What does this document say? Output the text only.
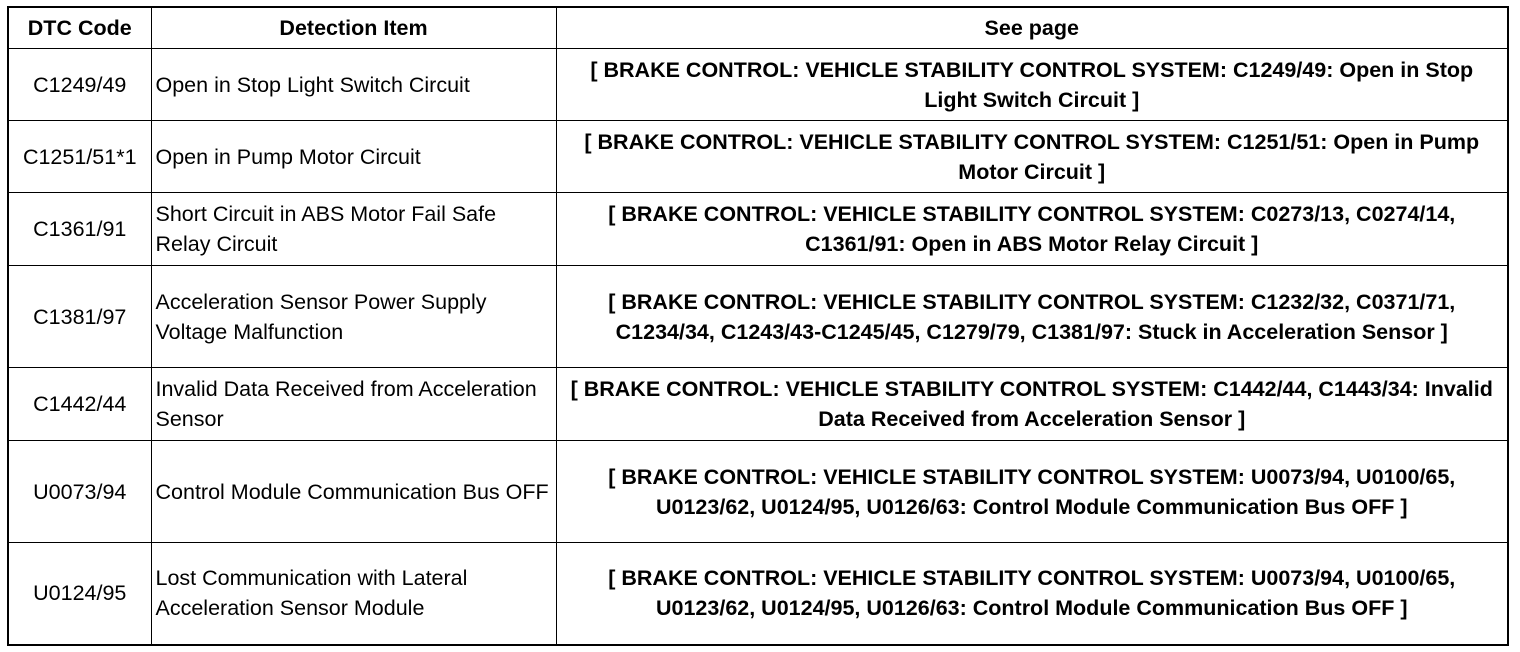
DTC Code	Detection Item	See page
C1249/49	Open in Stop Light Switch Circuit	[ BRAKE CONTROL: VEHICLE STABILITY CONTROL SYSTEM: C1249/49: Open in Stop Light Switch Circuit ]
C1251/51*1	Open in Pump Motor Circuit	[ BRAKE CONTROL: VEHICLE STABILITY CONTROL SYSTEM: C1251/51: Open in Pump Motor Circuit ]
C1361/91	Short Circuit in ABS Motor Fail Safe Relay Circuit	[ BRAKE CONTROL: VEHICLE STABILITY CONTROL SYSTEM: C0273/13, C0274/14, C1361/91: Open in ABS Motor Relay Circuit ]
C1381/97	Acceleration Sensor Power Supply Voltage Malfunction	[ BRAKE CONTROL: VEHICLE STABILITY CONTROL SYSTEM: C1232/32, C0371/71, C1234/34, C1243/43-C1245/45, C1279/79, C1381/97: Stuck in Acceleration Sensor ]
C1442/44	Invalid Data Received from Acceleration Sensor	[ BRAKE CONTROL: VEHICLE STABILITY CONTROL SYSTEM: C1442/44, C1443/34: Invalid Data Received from Acceleration Sensor ]
U0073/94	Control Module Communication Bus OFF	[ BRAKE CONTROL: VEHICLE STABILITY CONTROL SYSTEM: U0073/94, U0100/65, U0123/62, U0124/95, U0126/63: Control Module Communication Bus OFF ]
U0124/95	Lost Communication with Lateral Acceleration Sensor Module	[ BRAKE CONTROL: VEHICLE STABILITY CONTROL SYSTEM: U0073/94, U0100/65, U0123/62, U0124/95, U0126/63: Control Module Communication Bus OFF ]
